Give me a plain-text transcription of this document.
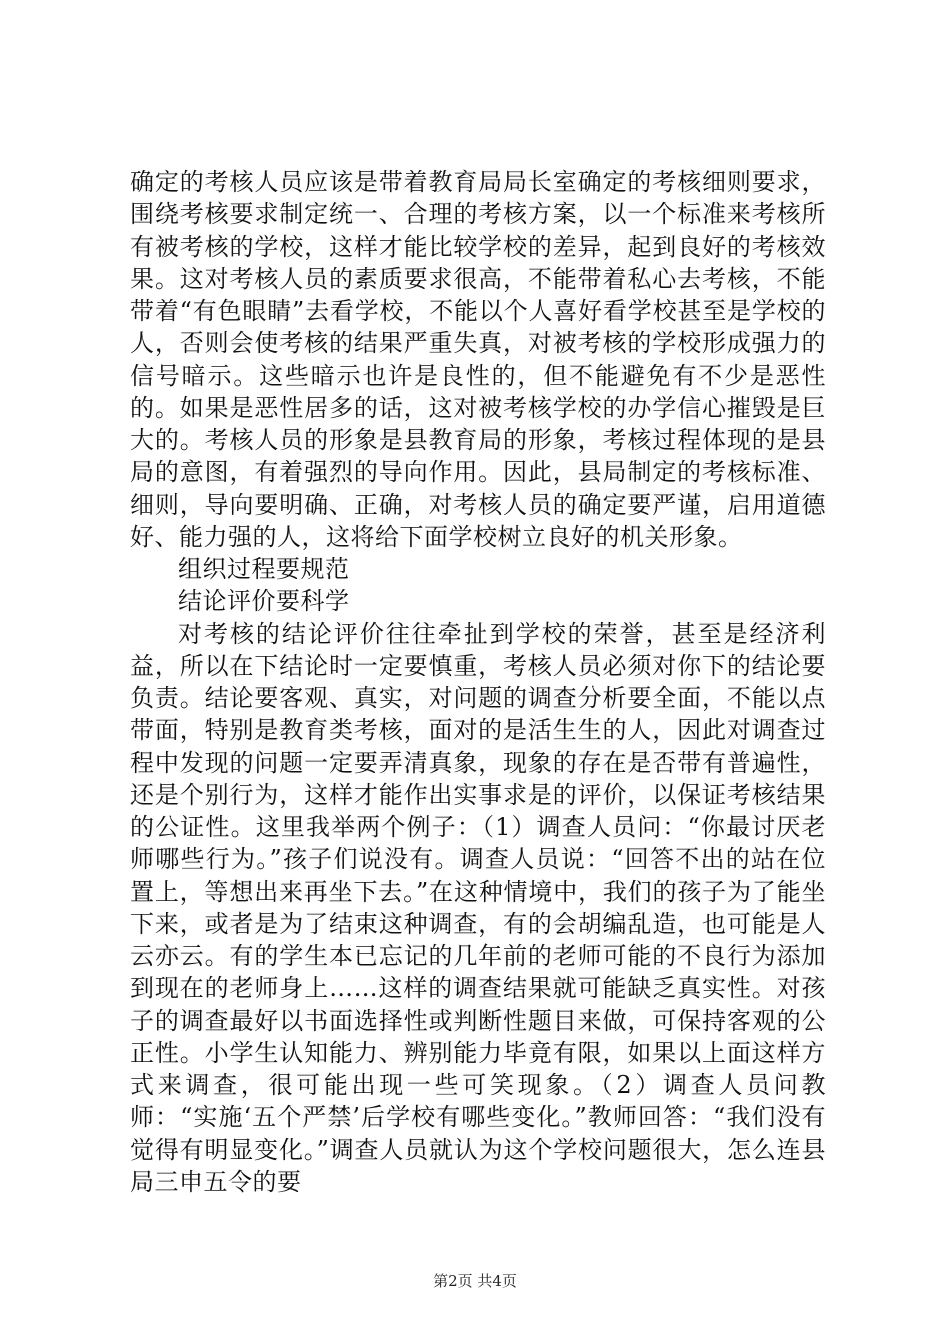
确定的考核人员应该是带着教育局局长室确定的考核细则要求，围绕考核要求制定统一、合理的考核方案，以一个标准来考核所有被考核的学校，这样才能比较学校的差异，起到良好的考核效果。这对考核人员的素质要求很高，不能带着私心去考核，不能带着“有色眼睛”去看学校，不能以个人喜好看学校甚至是学校的人，否则会使考核的结果严重失真，对被考核的学校形成强力的信号暗示。这些暗示也许是良性的，但不能避免有不少是恶性的。如果是恶性居多的话，这对被考核学校的办学信心摧毁是巨大的。考核人员的形象是县教育局的形象，考核过程体现的是县局的意图，有着强烈的导向作用。因此，县局制定的考核标准、细则，导向要明确、正确，对考核人员的确定要严谨，启用道德好、能力强的人，这将给下面学校树立良好的机关形象。

组织过程要规范

结论评价要科学

对考核的结论评价往往牵扯到学校的荣誉，甚至是经济利益，所以在下结论时一定要慎重，考核人员必须对你下的结论要负责。结论要客观、真实，对问题的调查分析要全面，不能以点带面，特别是教育类考核，面对的是活生生的人，因此对调查过程中发现的问题一定要弄清真象，现象的存在是否带有普遍性，还是个别行为，这样才能作出实事求是的评价，以保证考核结果的公证性。这里我举两个例子：（1）调查人员问：“你最讨厌老师哪些行为。”孩子们说没有。调查人员说：“回答不出的站在位置上，等想出来再坐下去。”在这种情境中，我们的孩子为了能坐下来，或者是为了结束这种调查，有的会胡编乱造，也可能是人云亦云。有的学生本已忘记的几年前的老师可能的不良行为添加到现在的老师身上……这样的调查结果就可能缺乏真实性。对孩子的调查最好以书面选择性或判断性题目来做，可保持客观的公正性。小学生认知能力、辨别能力毕竟有限，如果以上面这样方式来调查，很可能出现一些可笑现象。（2）调查人员问教师：“实施‘五个严禁’后学校有哪些变化。”教师回答：“我们没有觉得有明显变化。”调查人员就认为这个学校问题很大，怎么连县局三申五令的要

第2页 共4页
